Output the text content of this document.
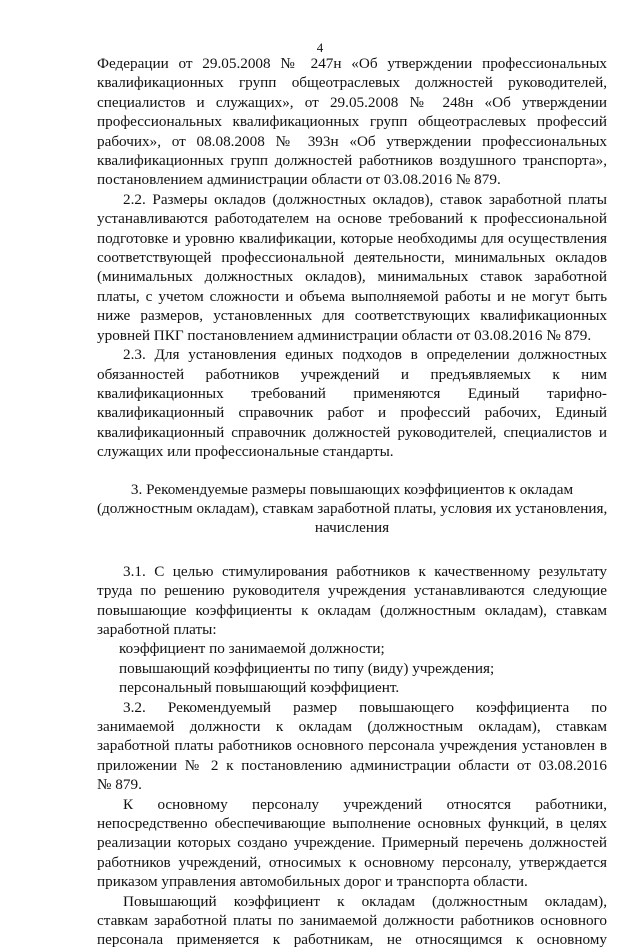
4
Федерации от 29.05.2008 № 247н «Об утверждении профессиональных
квалификационных групп общеотраслевых должностей руководителей,
специалистов и служащих», от 29.05.2008 № 248н «Об утверждении
профессиональных квалификационных групп общеотраслевых профессий
рабочих», от 08.08.2008 № 393н «Об утверждении профессиональных
квалификационных групп должностей работников воздушного транспорта»,
постановлением администрации области от 03.08.2016 № 879.
2.2. Размеры окладов (должностных окладов), ставок заработной платы
устанавливаются работодателем на основе требований к профессиональной
подготовке и уровню квалификации, которые необходимы для осуществления
соответствующей профессиональной деятельности, минимальных окладов
(минимальных должностных окладов), минимальных ставок заработной
платы, с учетом сложности и объема выполняемой работы и не могут быть
ниже размеров, установленных для соответствующих квалификационных
уровней ПКГ постановлением администрации области от 03.08.2016 № 879.
2.3. Для установления единых подходов в определении должностных
обязанностей работников учреждений и предъявляемых к ним
квалификационных требований применяются Единый тарифно-
квалификационный справочник работ и профессий рабочих, Единый
квалификационный справочник должностей руководителей, специалистов и
служащих или профессиональные стандарты.
3. Рекомендуемые размеры повышающих коэффициентов к окладам
(должностным окладам), ставкам заработной платы, условия их установления,
начисления
3.1. С целью стимулирования работников к качественному результату
труда по решению руководителя учреждения устанавливаются следующие
повышающие коэффициенты к окладам (должностным окладам), ставкам
заработной платы:
коэффициент по занимаемой должности;
повышающий коэффициенты по типу (виду) учреждения;
персональный повышающий коэффициент.
3.2. Рекомендуемый размер повышающего коэффициента по
занимаемой должности к окладам (должностным окладам), ставкам
заработной платы работников основного персонала учреждения установлен в
приложении № 2 к постановлению администрации области от 03.08.2016
№ 879.
К основному персоналу учреждений относятся работники,
непосредственно обеспечивающие выполнение основных функций, в целях
реализации которых создано учреждение. Примерный перечень должностей
работников учреждений, относимых к основному персоналу, утверждается
приказом управления автомобильных дорог и транспорта области.
Повышающий коэффициент к окладам (должностным окладам),
ставкам заработной платы по занимаемой должности работников основного
персонала применяется к работникам, не относящимся к основному
